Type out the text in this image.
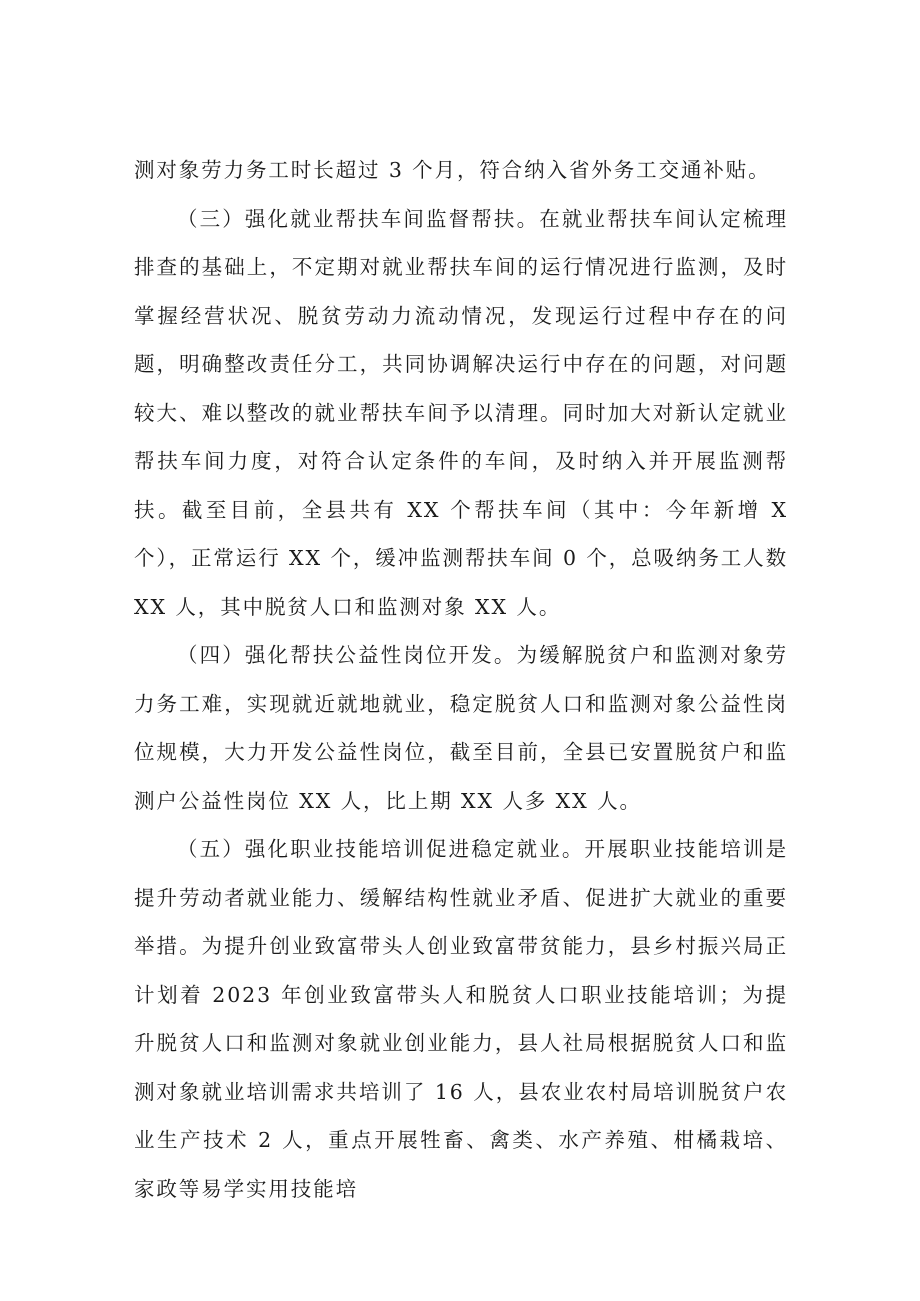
测对象劳力务工时长超过 3 个月，符合纳入省外务工交通补贴。

（三）强化就业帮扶车间监督帮扶。在就业帮扶车间认定梳理排查的基础上，不定期对就业帮扶车间的运行情况进行监测，及时掌握经营状况、脱贫劳动力流动情况，发现运行过程中存在的问题，明确整改责任分工，共同协调解决运行中存在的问题，对问题较大、难以整改的就业帮扶车间予以清理。同时加大对新认定就业帮扶车间力度，对符合认定条件的车间，及时纳入并开展监测帮扶。截至目前，全县共有 XX 个帮扶车间（其中：今年新增 X 个），正常运行 XX 个，缓冲监测帮扶车间 0 个，总吸纳务工人数 XX 人，其中脱贫人口和监测对象 XX 人。

（四）强化帮扶公益性岗位开发。为缓解脱贫户和监测对象劳力务工难，实现就近就地就业，稳定脱贫人口和监测对象公益性岗位规模，大力开发公益性岗位，截至目前，全县已安置脱贫户和监测户公益性岗位 XX 人，比上期 XX 人多 XX 人。

（五）强化职业技能培训促进稳定就业。开展职业技能培训是提升劳动者就业能力、缓解结构性就业矛盾、促进扩大就业的重要举措。为提升创业致富带头人创业致富带贫能力，县乡村振兴局正计划着 2023 年创业致富带头人和脱贫人口职业技能培训；为提升脱贫人口和监测对象就业创业能力，县人社局根据脱贫人口和监测对象就业培训需求共培训了 16 人，县农业农村局培训脱贫户农业生产技术 2 人，重点开展牲畜、禽类、水产养殖、柑橘栽培、家政等易学实用技能培
